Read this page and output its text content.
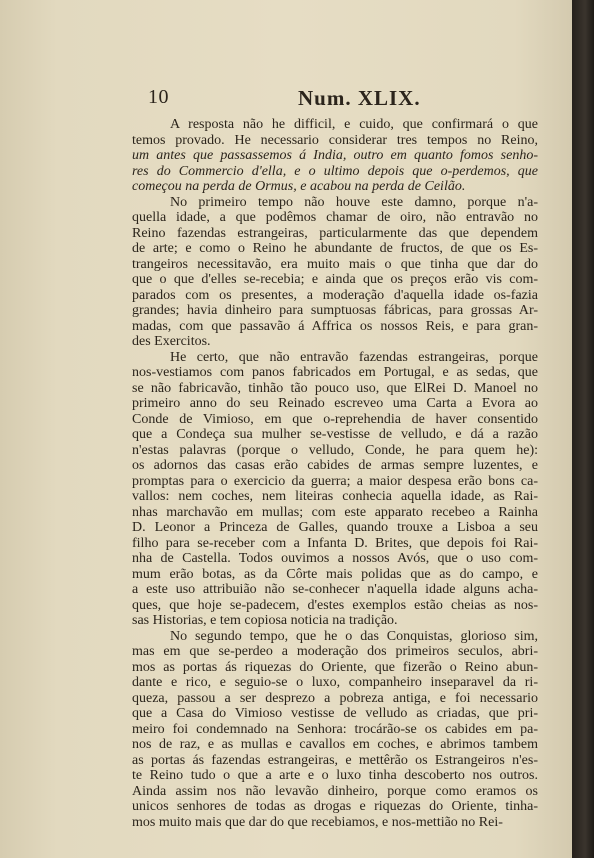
10	Num. XLIX.
A resposta não he difficil, e cuido, que confirmará o que
temos provado. He necessario considerar tres tempos no Reino,
um antes que passassemos á India, outro em quanto fomos senho-
res do Commercio d'ella, e o ultimo depois que o-perdemos, que
começou na perda de Ormus, e acabou na perda de Ceilão.
No primeiro tempo não houve este damno, porque n'a-
quella idade, a que podêmos chamar de oiro, não entravão no
Reino fazendas estrangeiras, particularmente das que dependem
de arte; e como o Reino he abundante de fructos, de que os Es-
trangeiros necessitavão, era muito mais o que tinha que dar do
que o que d'elles se-recebia; e ainda que os preços erão vis com-
parados com os presentes, a moderação d'aquella idade os-fazia
grandes; havia dinheiro para sumptuosas fábricas, para grossas Ar-
madas, com que passavão á Affrica os nossos Reis, e para gran-
des Exercitos.
He certo, que não entravão fazendas estrangeiras, porque
nos-vestiamos com panos fabricados em Portugal, e as sedas, que
se não fabricavão, tinhão tão pouco uso, que ElRei D. Manoel no
primeiro anno do seu Reinado escreveo uma Carta a Evora ao
Conde de Vimioso, em que o-reprehendia de haver consentido
que a Condeça sua mulher se-vestisse de velludo, e dá a razão
n'estas palavras (porque o velludo, Conde, he para quem he):
os adornos das casas erão cabides de armas sempre luzentes, e
promptas para o exercicio da guerra; a maior despesa erão bons ca-
vallos: nem coches, nem liteiras conhecia aquella idade, as Rai-
nhas marchavão em mullas; com este apparato recebeo a Rainha
D. Leonor a Princeza de Galles, quando trouxe a Lisboa a seu
filho para se-receber com a Infanta D. Brites, que depois foi Rai-
nha de Castella. Todos ouvimos a nossos Avós, que o uso com-
mum erão botas, as da Côrte mais polidas que as do campo, e
a este uso attribuião não se-conhecer n'aquella idade alguns acha-
ques, que hoje se-padecem, d'estes exemplos estão cheias as nos-
sas Historias, e tem copiosa noticia na tradição.
No segundo tempo, que he o das Conquistas, glorioso sim,
mas em que se-perdeo a moderação dos primeiros seculos, abri-
mos as portas ás riquezas do Oriente, que fizerão o Reino abun-
dante e rico, e seguio-se o luxo, companheiro inseparavel da ri-
queza, passou a ser desprezo a pobreza antiga, e foi necessario
que a Casa do Vimioso vestisse de velludo as criadas, que pri-
meiro foi condemnado na Senhora: trocárão-se os cabides em pa-
nos de raz, e as mullas e cavallos em coches, e abrimos tambem
as portas ás fazendas estrangeiras, e mettêrão os Estrangeiros n'es-
te Reino tudo o que a arte e o luxo tinha descoberto nos outros.
Ainda assim nos não levavão dinheiro, porque como eramos os
unicos senhores de todas as drogas e riquezas do Oriente, tinha-
mos muito mais que dar do que recebiamos, e nos-mettião no Rei-
